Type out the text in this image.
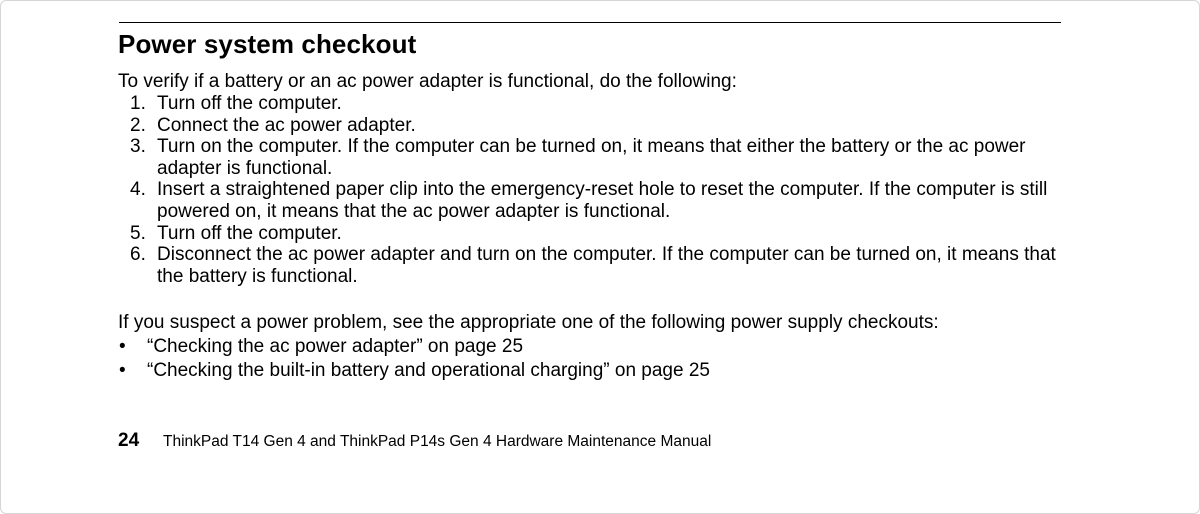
Power system checkout

To verify if a battery or an ac power adapter is functional, do the following:

1. Turn off the computer.
2. Connect the ac power adapter.
3. Turn on the computer. If the computer can be turned on, it means that either the battery or the ac power adapter is functional.
4. Insert a straightened paper clip into the emergency-reset hole to reset the computer. If the computer is still powered on, it means that the ac power adapter is functional.
5. Turn off the computer.
6. Disconnect the ac power adapter and turn on the computer. If the computer can be turned on, it means that the battery is functional.

If you suspect a power problem, see the appropriate one of the following power supply checkouts:

• “Checking the ac power adapter” on page 25
• “Checking the built-in battery and operational charging” on page 25
24 ThinkPad T14 Gen 4 and ThinkPad P14s Gen 4 Hardware Maintenance Manual
